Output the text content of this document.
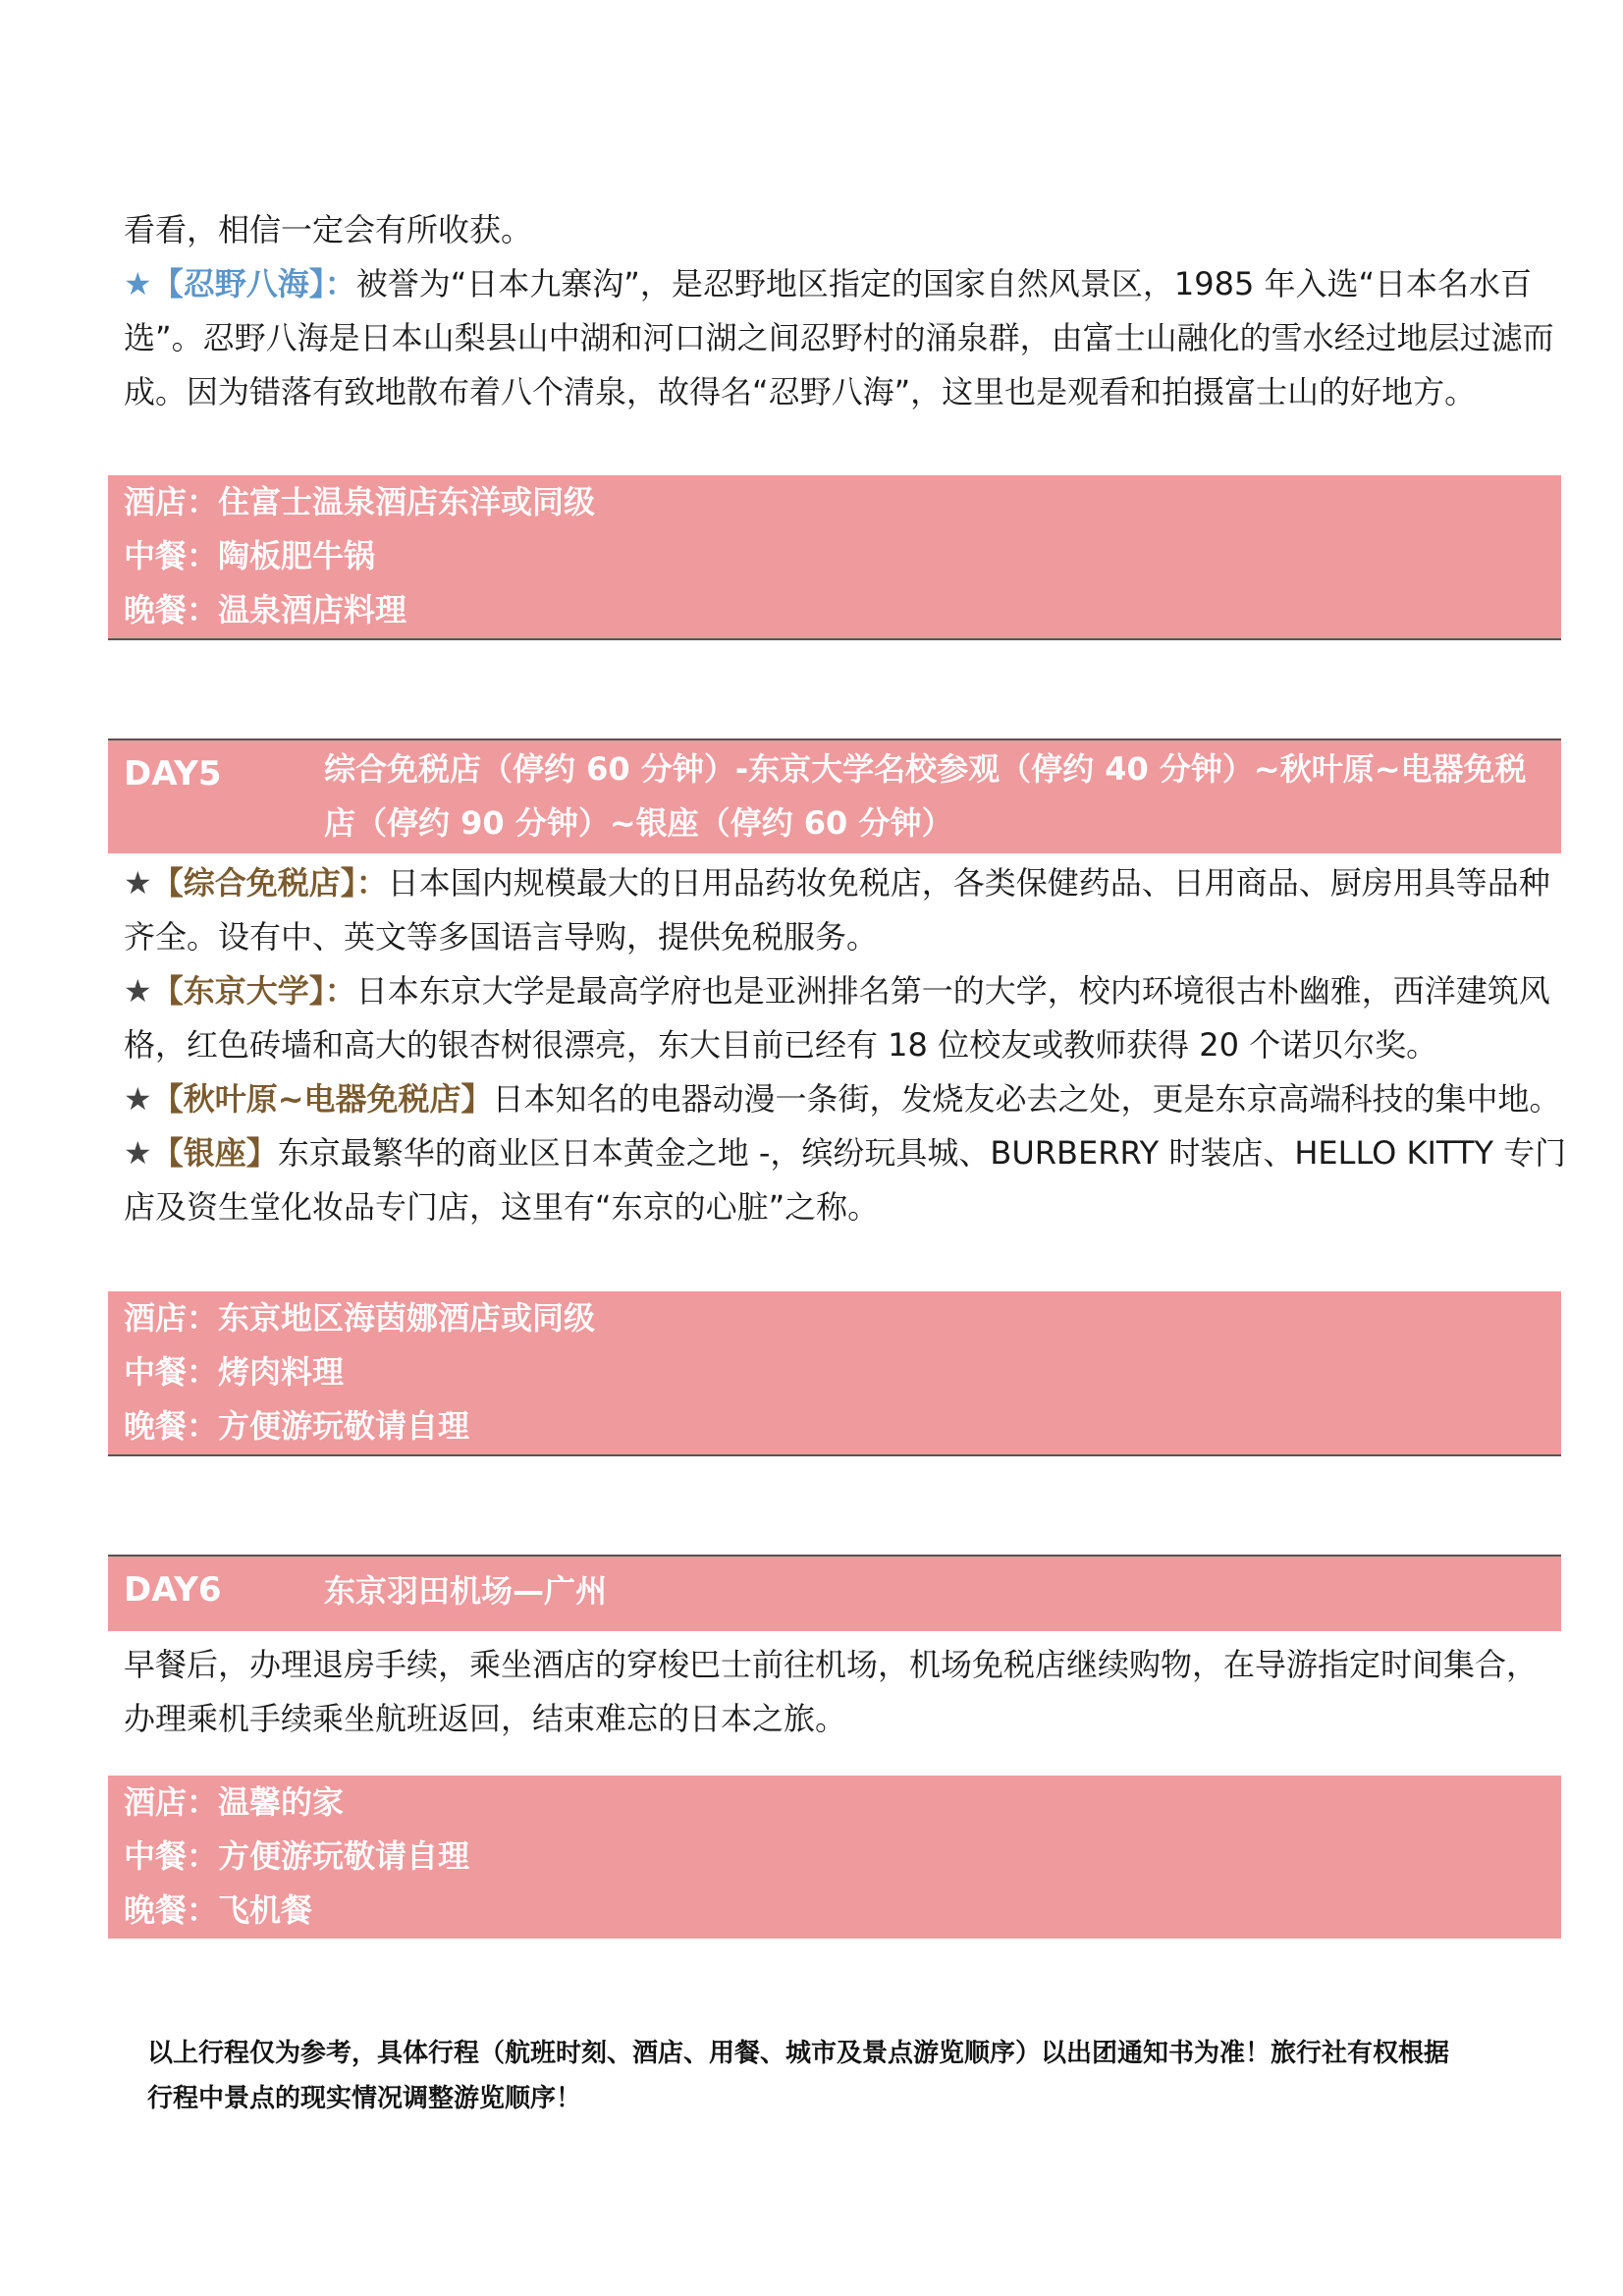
看看，相信一定会有所收获。

★【忍野八海】：被誉为“日本九寨沟”，是忍野地区指定的国家自然风景区，1985 年入选“日本名水百选”。忍野八海是日本山梨县山中湖和河口湖之间忍野村的涌泉群，由富士山融化的雪水经过地层过滤而成。因为错落有致地散布着八个清泉，故得名“忍野八海”，这里也是观看和拍摄富士山的好地方。

酒店：住富士温泉酒店东洋或同级
中餐：陶板肥牛锅
晚餐：温泉酒店料理
DAY5	综合免税店（停约 60 分钟）-东京大学名校参观（停约 40 分钟）~秋叶原~电器免税店（停约 90 分钟）~银座（停约 60 分钟）

★【综合免税店】：日本国内规模最大的日用品药妆免税店，各类保健药品、日用商品、厨房用具等品种齐全。设有中、英文等多国语言导购，提供免税服务。

★【东京大学】：日本东京大学是最高学府也是亚洲排名第一的大学，校内环境很古朴幽雅，西洋建筑风格，红色砖墙和高大的银杏树很漂亮，东大目前已经有 18 位校友或教师获得 20 个诺贝尔奖。

★【秋叶原~电器免税店】日本知名的电器动漫一条街，发烧友必去之处，更是东京高端科技的集中地。

★【银座】东京最繁华的商业区日本黄金之地 -，缤纷玩具城、BURBERRY 时装店、HELLO KITTY 专门店及资生堂化妆品专门店，这里有“东京的心脏”之称。

酒店：东京地区海茵娜酒店或同级
中餐：烤肉料理
晚餐：方便游玩敬请自理
DAY6	东京羽田机场—广州

早餐后，办理退房手续，乘坐酒店的穿梭巴士前往机场，机场免税店继续购物，在导游指定时间集合，办理乘机手续乘坐航班返回，结束难忘的日本之旅。

酒店：温馨的家
中餐：方便游玩敬请自理
晚餐：飞机餐
以上行程仅为参考，具体行程（航班时刻、酒店、用餐、城市及景点游览顺序）以出团通知书为准！旅行社有权根据行程中景点的现实情况调整游览顺序！
